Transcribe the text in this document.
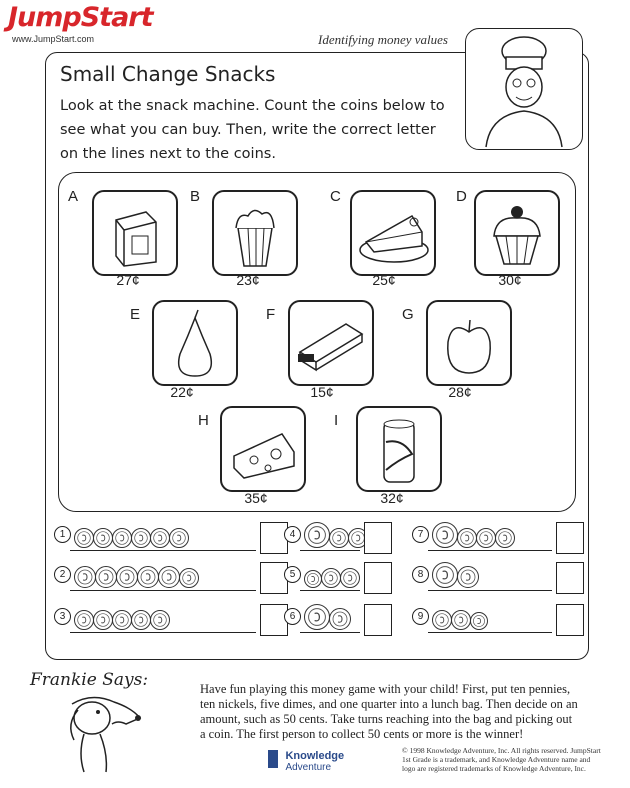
JumpStart
www.JumpStart.com	Identifying money values
Small Change Snacks
Look at the snack machine. Count the coins below to see what you can buy. Then, write the correct letter on the lines next to the coins.
A
27¢
B
23¢
C
25¢
D
30¢
E
22¢
F
15¢
G
28¢
H
35¢
I
32¢
1
2
3
4
5
6
7
8
9
Frankie Says:	Have fun playing this money game with your child! First, put ten pennies, ten nickels, five dimes, and one quarter into a lunch bag. Then decide on an amount, such as 50 cents. Take turns reaching into the bag and picking out a coin. The first person to collect 50 cents or more is the winner!

Knowledge
Adventure
© 1998 Knowledge Adventure, Inc. All rights reserved. JumpStart 1st Grade is a trademark, and Knowledge Adventure name and logo are registered trademarks of Knowledge Adventure, Inc.
